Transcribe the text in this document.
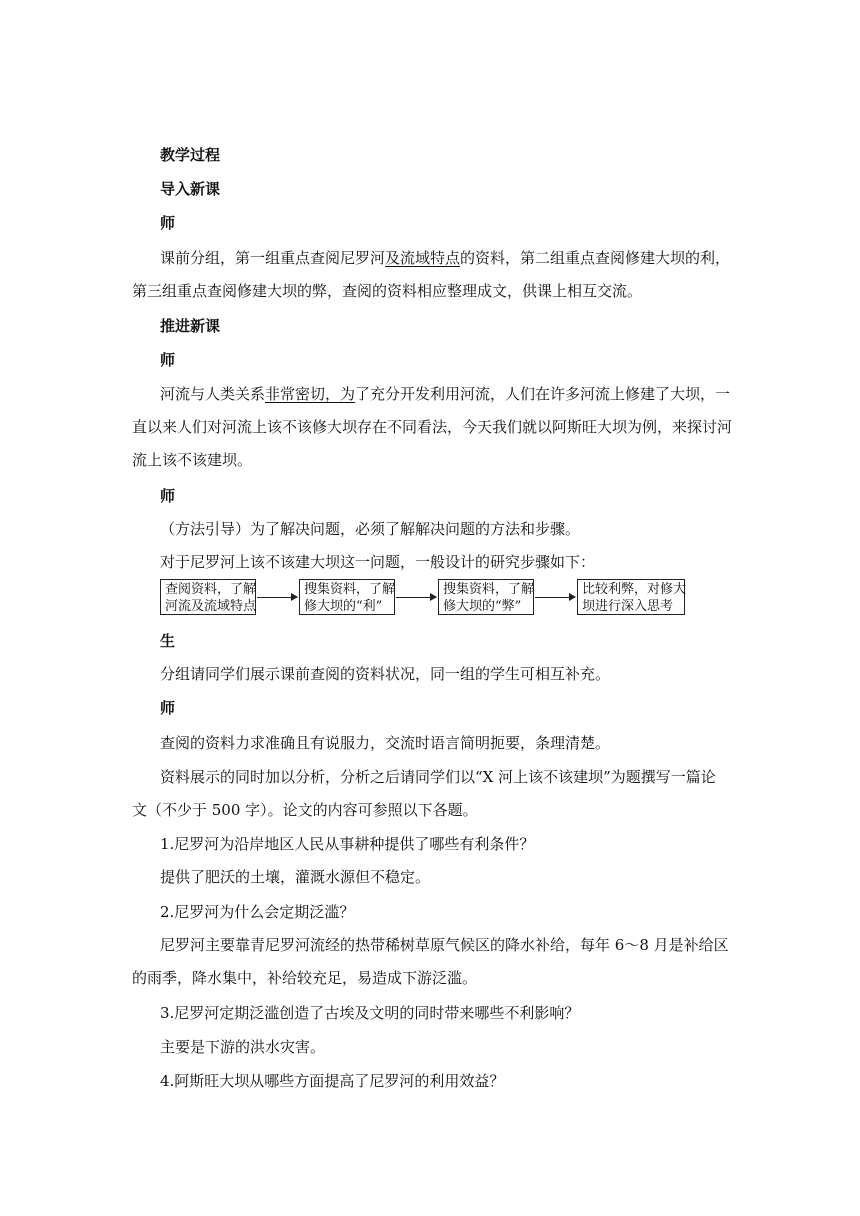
教学过程
导入新课
师
课前分组，第一组重点查阅尼罗河及流域特点的资料，第二组重点查阅修建大坝的利，
第三组重点查阅修建大坝的弊，查阅的资料相应整理成文，供课上相互交流。
推进新课
师
河流与人类关系非常密切，为了充分开发利用河流，人们在许多河流上修建了大坝，一
直以来人们对河流上该不该修大坝存在不同看法，今天我们就以阿斯旺大坝为例，来探讨河
流上该不该建坝。
师
（方法引导）为了解决问题，必须了解解决问题的方法和步骤。
对于尼罗河上该不该建大坝这一问题，一般设计的研究步骤如下：
查阅资料，了解
河流及流域特点
搜集资料，了解
修大坝的“利”
搜集资料，了解
修大坝的“弊”
比较利弊，对修大
坝进行深入思考
生
分组请同学们展示课前查阅的资料状况，同一组的学生可相互补充。
师
查阅的资料力求准确且有说服力，交流时语言简明扼要，条理清楚。
资料展示的同时加以分析，分析之后请同学们以“X 河上该不该建坝”为题撰写一篇论
文（不少于 500 字）。论文的内容可参照以下各题。
1.尼罗河为沿岸地区人民从事耕种提供了哪些有利条件？
提供了肥沃的土壤，灌溉水源但不稳定。
2.尼罗河为什么会定期泛滥？
尼罗河主要靠青尼罗河流经的热带稀树草原气候区的降水补给，每年 6～8 月是补给区
的雨季，降水集中，补给较充足，易造成下游泛滥。
3.尼罗河定期泛滥创造了古埃及文明的同时带来哪些不利影响？
主要是下游的洪水灾害。
4.阿斯旺大坝从哪些方面提高了尼罗河的利用效益？
